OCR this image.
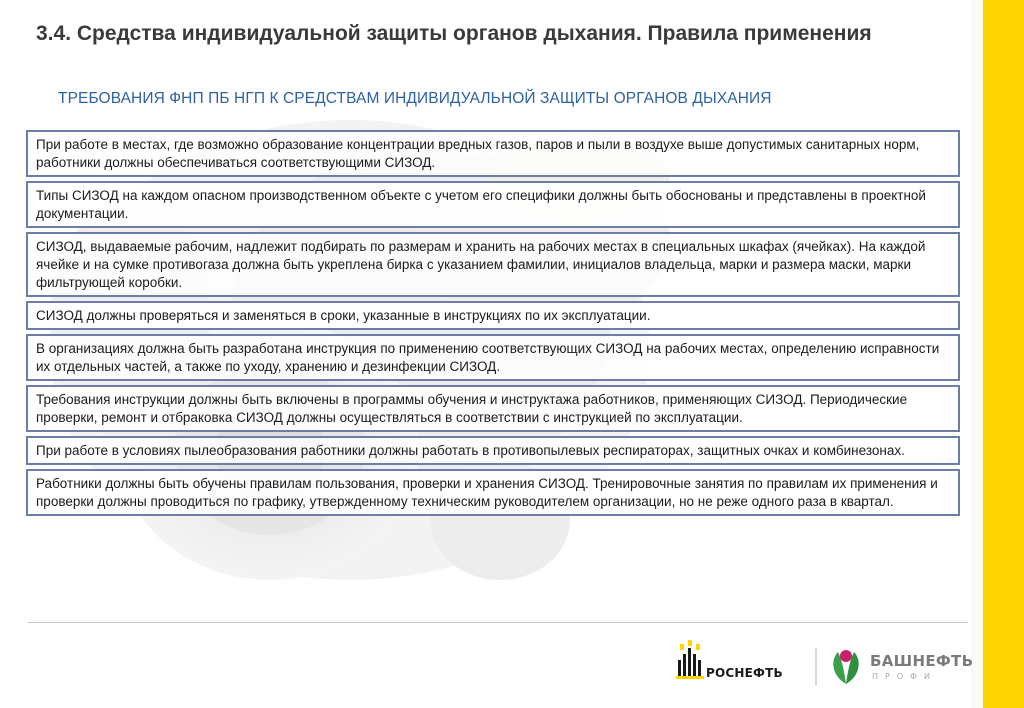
3.4. Средства индивидуальной защиты органов дыхания. Правила применения
ТРЕБОВАНИЯ ФНП ПБ НГП К СРЕДСТВАМ ИНДИВИДУАЛЬНОЙ ЗАЩИТЫ ОРГАНОВ ДЫХАНИЯ
При работе в местах, где возможно образование концентрации вредных газов, паров и пыли в воздухе выше допустимых санитарных норм, работники должны обеспечиваться соответствующими СИЗОД.
Типы СИЗОД на каждом опасном производственном объекте с учетом его специфики должны быть обоснованы и представлены в проектной документации.
СИЗОД, выдаваемые рабочим, надлежит подбирать по размерам и хранить на рабочих местах в специальных шкафах (ячейках). На каждой ячейке и на сумке противогаза должна быть укреплена бирка с указанием фамилии, инициалов владельца, марки и размера маски, марки фильтрующей коробки.
СИЗОД должны проверяться и заменяться в сроки, указанные в инструкциях по их эксплуатации.
В организациях должна быть разработана инструкция по применению соответствующих СИЗОД на рабочих местах, определению исправности их отдельных частей, а также по уходу, хранению и дезинфекции СИЗОД.
Требования инструкции должны быть включены в программы обучения и инструктажа работников, применяющих СИЗОД. Периодические проверки, ремонт и отбраковка СИЗОД должны осуществляться в соответствии с инструкцией по эксплуатации.
При работе в условиях пылеобразования работники должны работать в противопылевых респираторах, защитных очках и комбинезонах.
Работники должны быть обучены правилам пользования, проверки и хранения СИЗОД. Тренировочные занятия по правилам их применения и проверки должны проводиться по графику, утвержденному техническим руководителем организации, но не реже одного раза в квартал.
РОСНЕФТЬ
БАШНЕФТЬ
ПРОФИ
